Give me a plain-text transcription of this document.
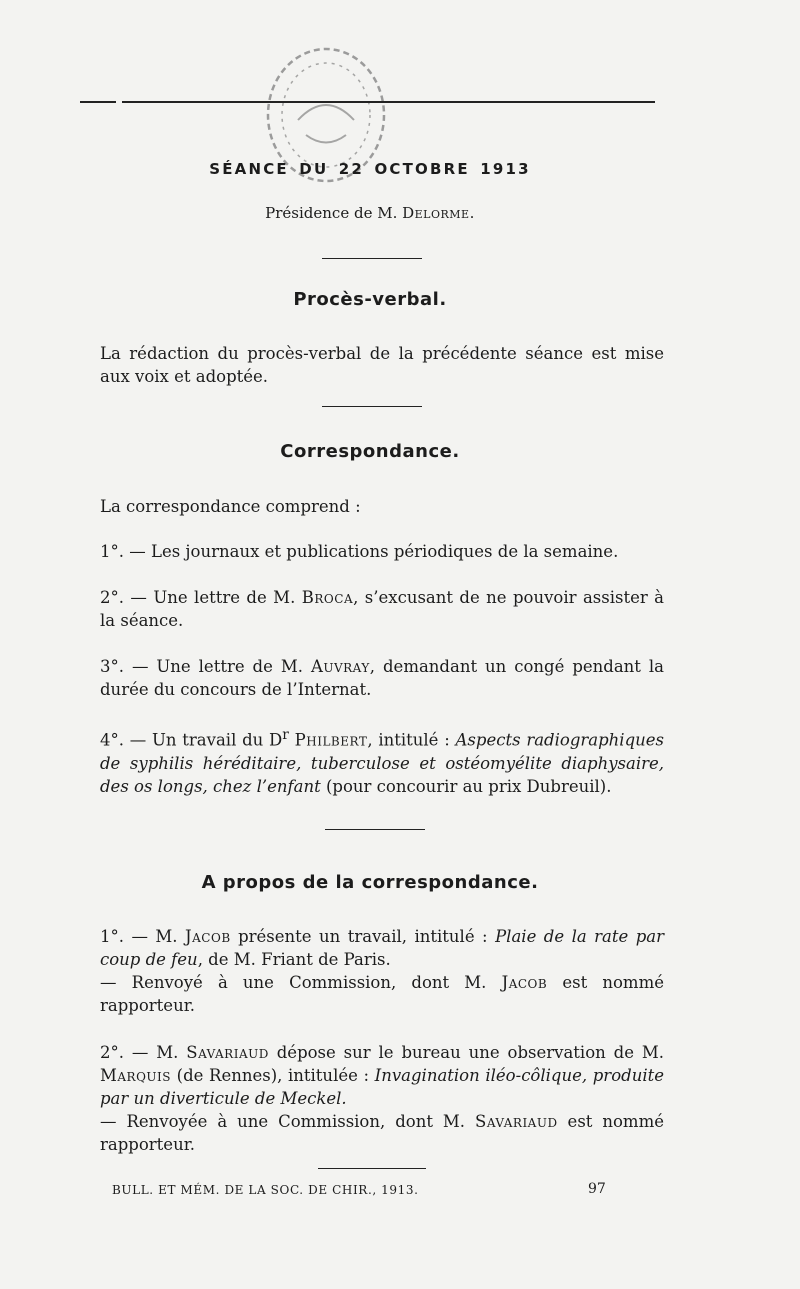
SÉANCE DU 22 OCTOBRE 1913
Présidence de M. Delorme.
Procès-verbal.
La rédaction du procès-verbal de la précédente séance est mise aux voix et adoptée.
Correspondance.
La correspondance comprend :
1°. — Les journaux et publications périodiques de la semaine.
2°. — Une lettre de M. Broca, s’excusant de ne pouvoir assister à la séance.
3°. — Une lettre de M. Auvray, demandant un congé pendant la durée du concours de l’Internat.
4°. — Un travail du $D^r$ Philbert, intitulé : Aspects radiographiques de syphilis héréditaire, tuberculose et ostéomyélite diaphysaire, des os longs, chez l’enfant (pour concourir au prix Dubreuil).
A propos de la correspondance.
1°. — M. Jacob présente un travail, intitulé : Plaie de la rate par coup de feu, de M. Friant de Paris.
— Renvoyé à une Commission, dont M. Jacob est nommé rapporteur.
2°. — M. Savariaud dépose sur le bureau une observation de M. Marquis (de Rennes), intitulée : Invagination iléo-côlique, produite par un diverticule de Meckel.
— Renvoyée à une Commission, dont M. Savariaud est nommé rapporteur.
BULL. ET MÉM. DE LA SOC. DE CHIR., 1913.	97
